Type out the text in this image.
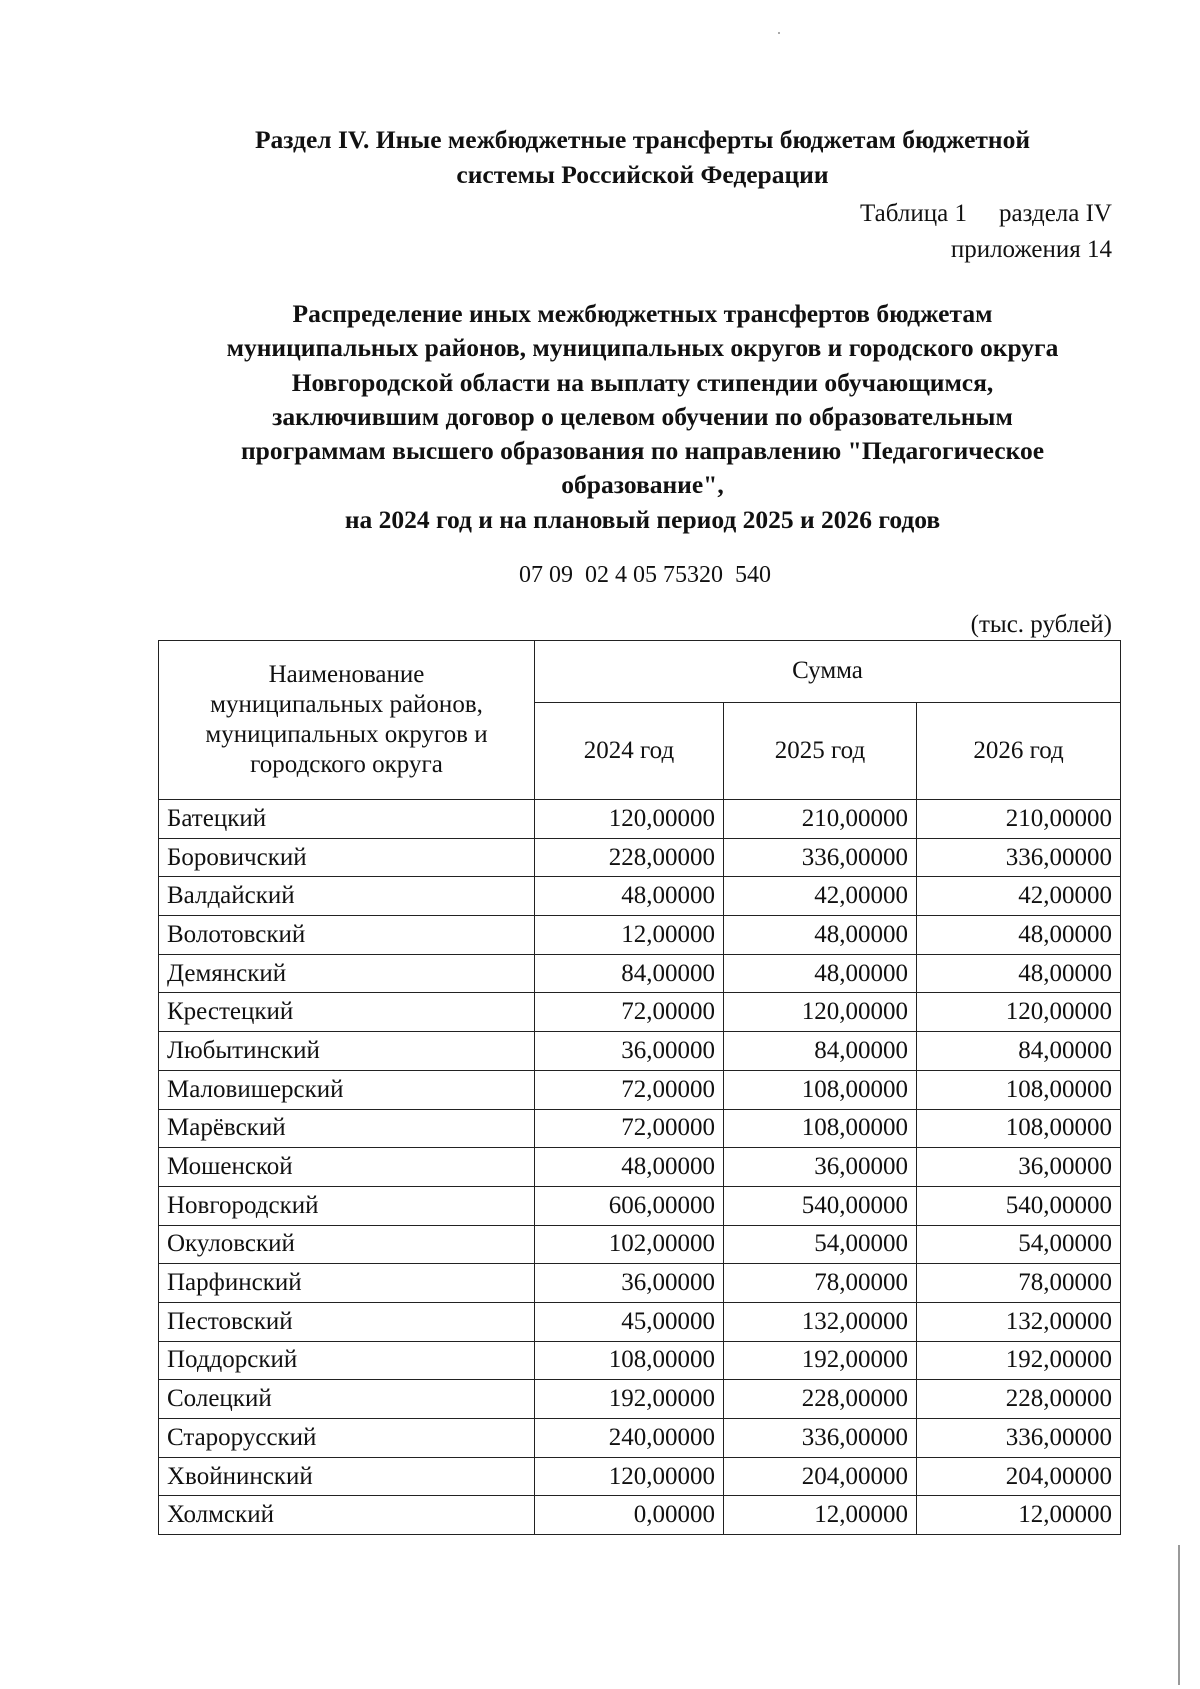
Раздел IV. Иные межбюджетные трансферты бюджетам бюджетной
системы Российской Федерации
Таблица 1 раздела IV
приложения 14
Распределение иных межбюджетных трансфертов бюджетам
муниципальных районов, муниципальных округов и городского округа
Новгородской области на выплату стипендии обучающимся,
заключившим договор о целевом обучении по образовательным
программам высшего образования по направлению "Педагогическое
образование",
на 2024 год и на плановый период 2025 и 2026 годов
07 09  02 4 05 75320  540
(тыс. рублей)
Наименование
муниципальных районов,
муниципальных округов и
городского округа	Сумма		
	2024 год	2025 год	2026 год
Батецкий	120,00000	210,00000	210,00000
Боровичский	228,00000	336,00000	336,00000
Валдайский	48,00000	42,00000	42,00000
Волотовский	12,00000	48,00000	48,00000
Демянский	84,00000	48,00000	48,00000
Крестецкий	72,00000	120,00000	120,00000
Любытинский	36,00000	84,00000	84,00000
Маловишерский	72,00000	108,00000	108,00000
Марёвский	72,00000	108,00000	108,00000
Мошенской	48,00000	36,00000	36,00000
Новгородский	606,00000	540,00000	540,00000
Окуловский	102,00000	54,00000	54,00000
Парфинский	36,00000	78,00000	78,00000
Пестовский	45,00000	132,00000	132,00000
Поддорский	108,00000	192,00000	192,00000
Солецкий	192,00000	228,00000	228,00000
Старорусский	240,00000	336,00000	336,00000
Хвойнинский	120,00000	204,00000	204,00000
Холмский	0,00000	12,00000	12,00000
